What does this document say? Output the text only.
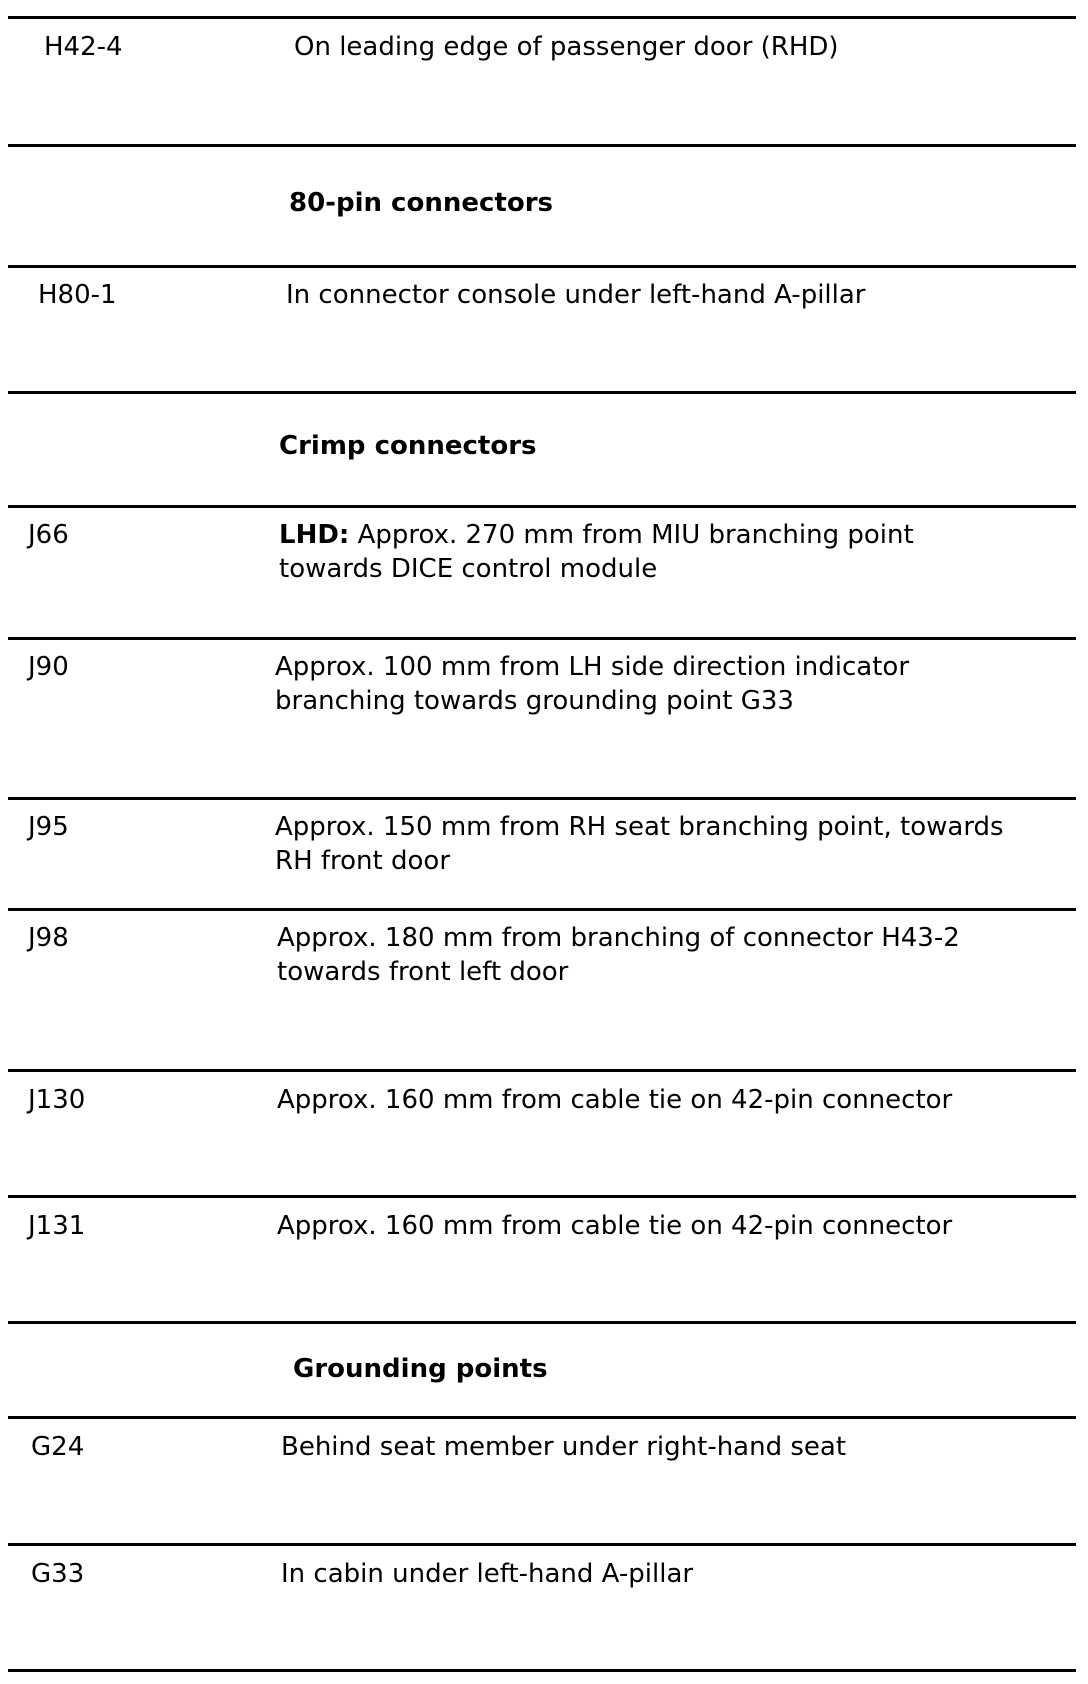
H42-4	On leading edge of passenger door (RHD)
80-pin connectors
H80-1	In connector console under left-hand A-pillar
Crimp connectors
J66	LHD: Approx. 270 mm from MIU branching point
towards DICE control module
J90	Approx. 100 mm from LH side direction indicator
branching towards grounding point G33
J95	Approx. 150 mm from RH seat branching point, towards
RH front door
J98	Approx. 180 mm from branching of connector H43-2
towards front left door
J130	Approx. 160 mm from cable tie on 42-pin connector
J131	Approx. 160 mm from cable tie on 42-pin connector
Grounding points
G24	Behind seat member under right-hand seat
G33	In cabin under left-hand A-pillar
